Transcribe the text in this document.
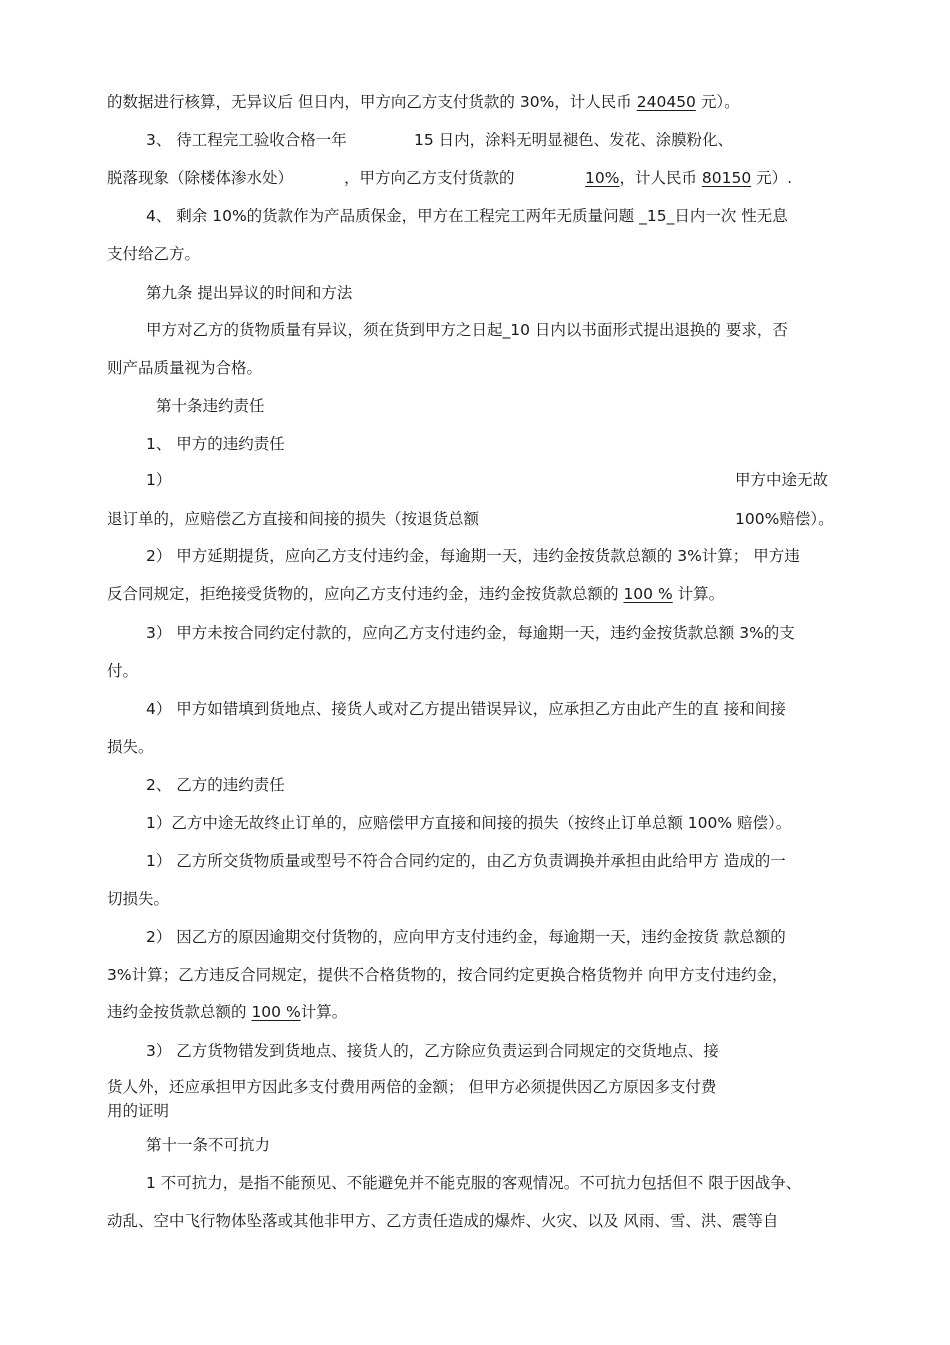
的数据进行核算，无异议后 但日内，甲方向乙方支付货款的 30%，计人民币 240450 元）。
3、 待工程完工验收合格一年	15 日内，涂料无明显褪色、发花、涂膜粉化、
脱落现象（除楼体渗水处）	，甲方向乙方支付货款的	10%，计人民币 80150 元）.
4、 剩余 10%的货款作为产品质保金，甲方在工程完工两年无质量问题 _15_日内一次 性无息
支付给乙方。
第九条 提出异议的时间和方法
甲方对乙方的货物质量有异议，须在货到甲方之日起_10 日内以书面形式提出退换的 要求，否
则产品质量视为合格。
第十条违约责任
1、 甲方的违约责任
1）	甲方中途无故
退订单的，应赔偿乙方直接和间接的损失（按退货总额	100%赔偿）。
2） 甲方延期提货，应向乙方支付违约金，每逾期一天，违约金按货款总额的 3%计算； 甲方违
反合同规定，拒绝接受货物的，应向乙方支付违约金，违约金按货款总额的 100 % 计算。
3） 甲方未按合同约定付款的，应向乙方支付违约金，每逾期一天，违约金按货款总额 3%的支
付。
4） 甲方如错填到货地点、接货人或对乙方提出错误异议，应承担乙方由此产生的直 接和间接
损失。
2、 乙方的违约责任
1）乙方中途无故终止订单的，应赔偿甲方直接和间接的损失（按终止订单总额 100% 赔偿）。
1） 乙方所交货物质量或型号不符合合同约定的，由乙方负责调换并承担由此给甲方 造成的一
切损失。
2） 因乙方的原因逾期交付货物的，应向甲方支付违约金，每逾期一天，违约金按货 款总额的
3%计算；乙方违反合同规定，提供不合格货物的，按合同约定更换合格货物并 向甲方支付违约金，
违约金按货款总额的 100 %计算。
3） 乙方货物错发到货地点、接货人的，乙方除应负责运到合同规定的交货地点、接
货人外，还应承担甲方因此多支付费用两倍的金额； 但甲方必须提供因乙方原因多支付费
用的证明
第十一条不可抗力
1 不可抗力，是指不能预见、不能避免并不能克服的客观情况。不可抗力包括但不 限于因战争、
动乱、空中飞行物体坠落或其他非甲方、乙方责任造成的爆炸、火灾、以及 风雨、雪、洪、震等自
